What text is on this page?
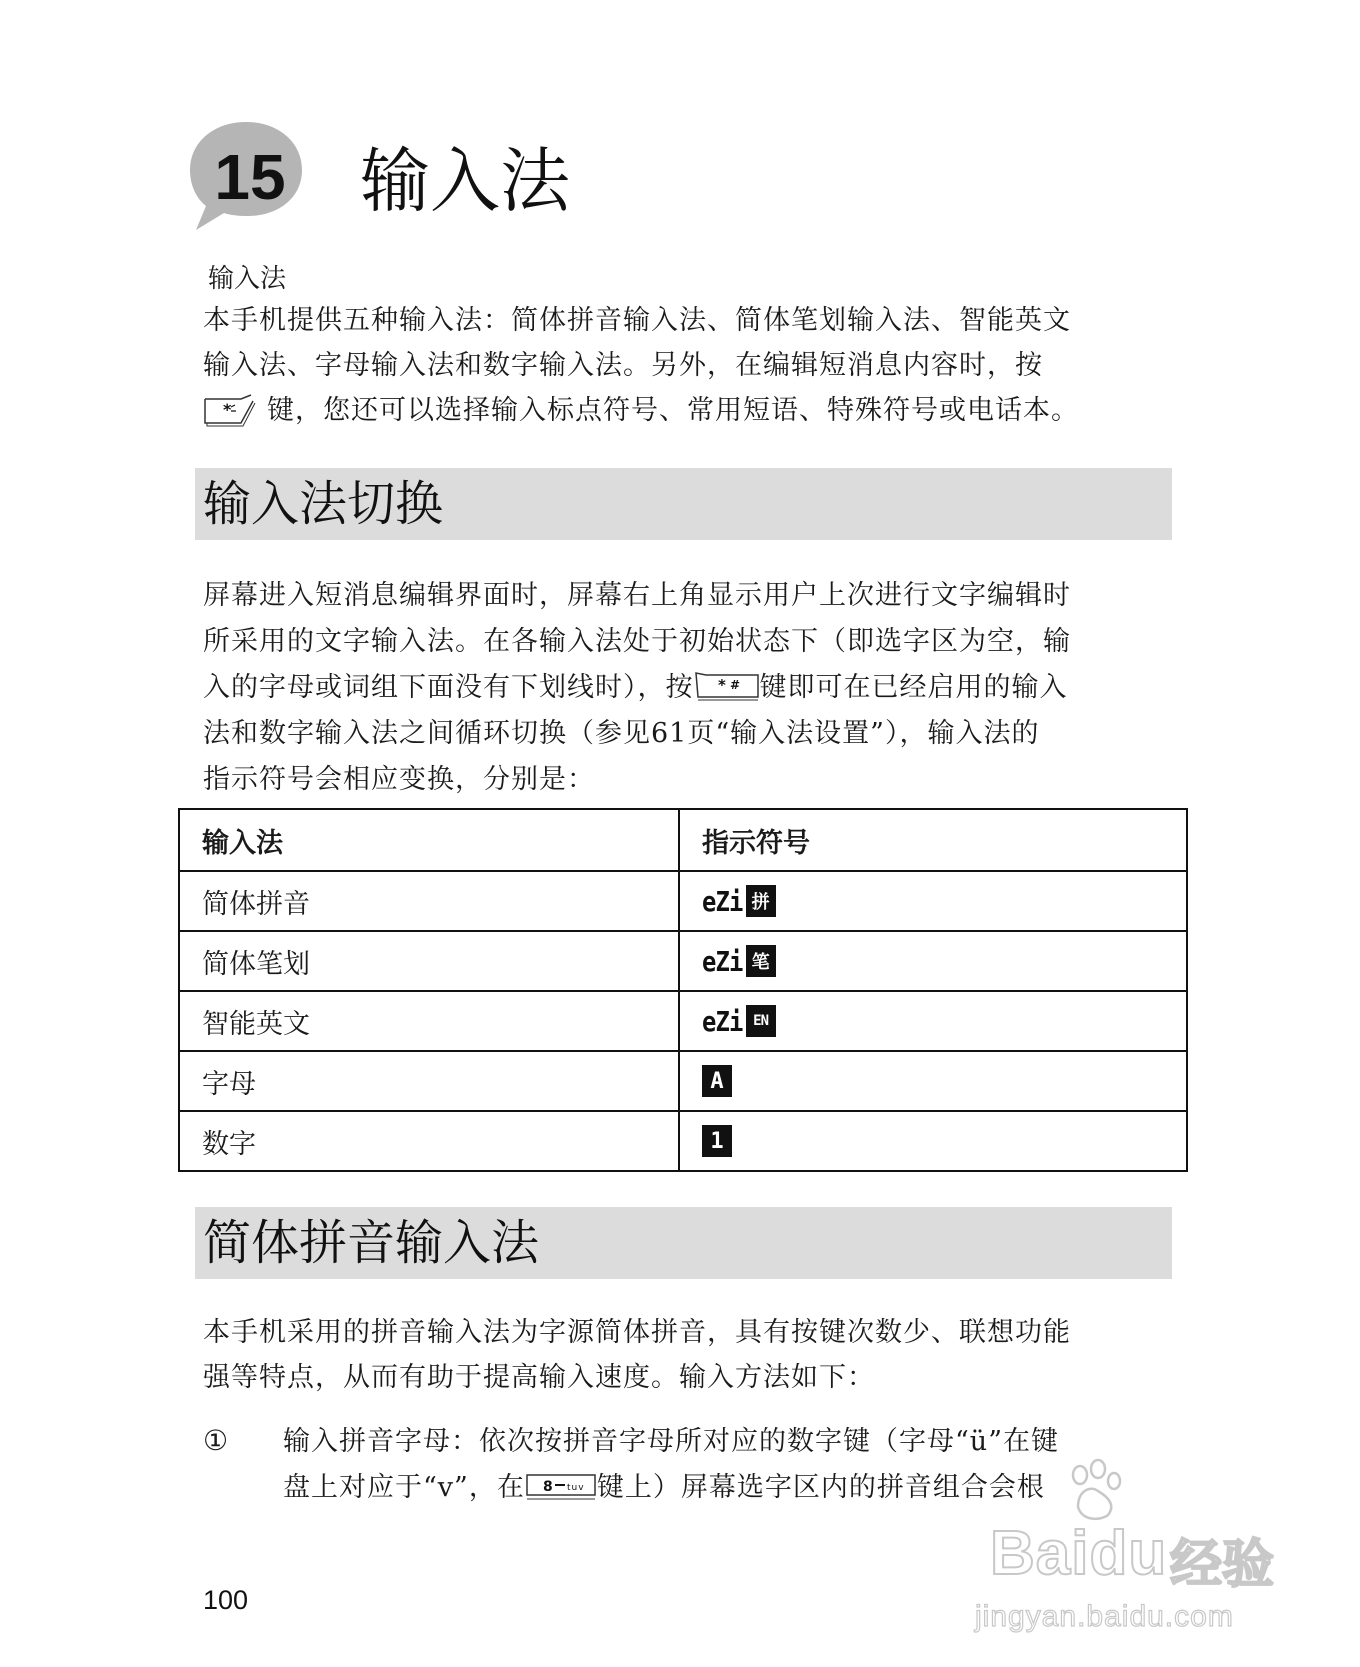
15 输入法
输入法
本手机提供五种输入法：简体拼音输入法、简体笔划输入法、智能英文
输入法、字母输入法和数字输入法。另外，在编辑短消息内容时，按
* 键，您还可以选择输入标点符号、常用短语、特殊符号或电话本。
输入法切换
屏幕进入短消息编辑界面时，屏幕右上角显示用户上次进行文字编辑时
所采用的文字输入法。在各输入法处于初始状态下（即选字区为空，输
入的字母或词组下面没有下划线时），按 * # 键即可在已经启用的输入
法和数字输入法之间循环切换（参见61页“输入法设置”），输入法的
指示符号会相应变换，分别是：
输入法	指示符号
简体拼音	eZi 拼

简体笔划	eZi 笔

智能英文	eZi EN

字母	A

数字	1
简体拼音输入法
本手机采用的拼音输入法为字源简体拼音，具有按键次数少、联想功能
强等特点，从而有助于提高输入速度。输入方法如下：
① 输入拼音字母：依次按拼音字母所对应的数字键（字母“ü”在键
盘上对应于“v”，在 8 tuv 键上）屏幕选字区内的拼音组合会根
100
Baidu 经验
jingyan.baidu.com
